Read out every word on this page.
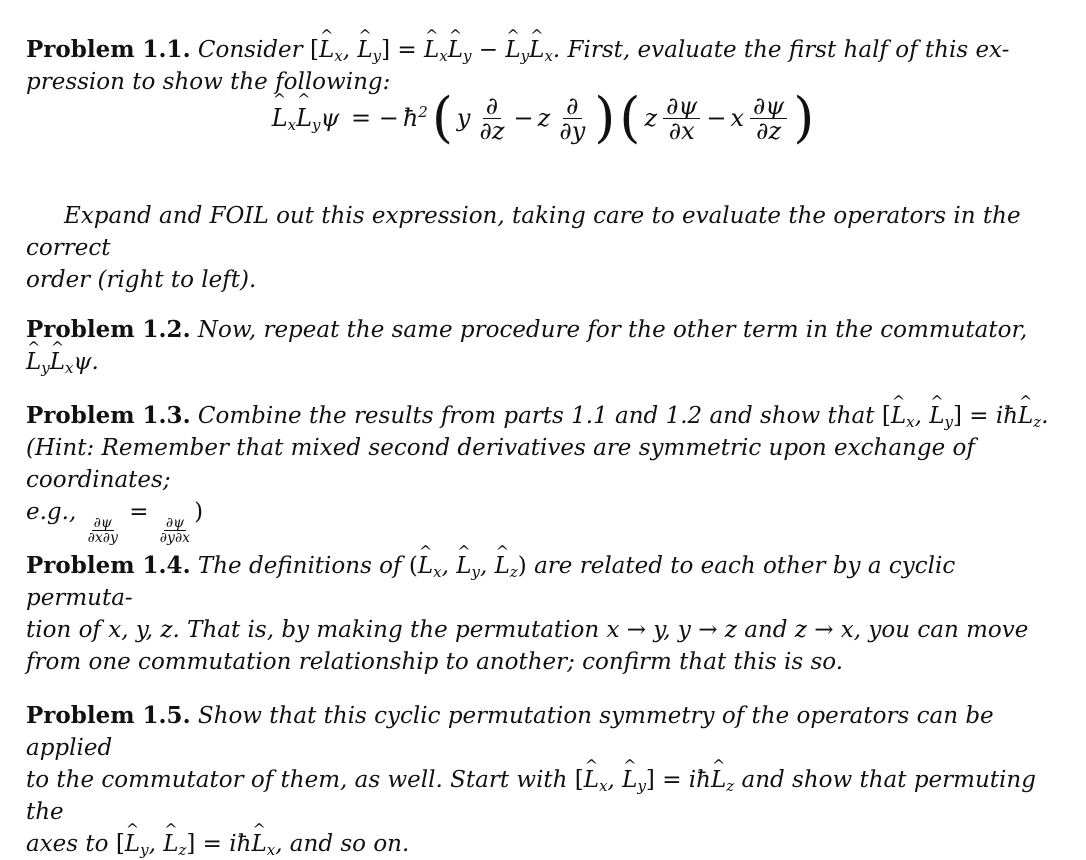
Problem 1.1. Consider [^ $L_x$, ^ $L_y$] = ^ $L_x\^{}$ $L_y$ − ^ $L_y\^{}$ $L_x$. First, evaluate the first half of this ex-
pression to show the following:
^ $L_x\^{}$ $L_y\psi$ = − $ħ^2$ ( y $\frac{\partial}{\partial z} - z \frac{\partial}{\partial y}$ ) ( z $\frac{\partial\psi}{\partial x} - x \frac{\partial\psi}{\partial z}$ )
Expand and FOIL out this expression, taking care to evaluate the operators in the correct
order (right to left).
Problem 1.2. Now, repeat the same procedure for the other term in the commutator, ^ $L_y\^{}$ $L_x\psi$.
Problem 1.3. Combine the results from parts 1.1 and 1.2 and show that [^ $L_x$, ^ $L_y$] = iħ^ $L_z$.
(Hint: Remember that mixed second derivatives are symmetric upon exchange of coordinates;
e.g.,
$\frac{\partial\psi}{\partial x\partial y}$
=
$\frac{\partial\psi}{\partial y\partial x}$
)
Problem 1.4. The definitions of (^ $L_x$, ^ $L_y$, ^ $L_z$) are related to each other by a cyclic permuta-
tion of x, y, z. That is, by making the permutation x → y, y → z and z → x, you can move
from one commutation relationship to another; confirm that this is so.
Problem 1.5. Show that this cyclic permutation symmetry of the operators can be applied
to the commutator of them, as well. Start with [^ $L_x$, ^ $L_y$] = iħ^ $L_z$ and show that permuting the
axes to [^ $L_y$, ^ $L_z$] = iħ^ $L_x$, and so on.
